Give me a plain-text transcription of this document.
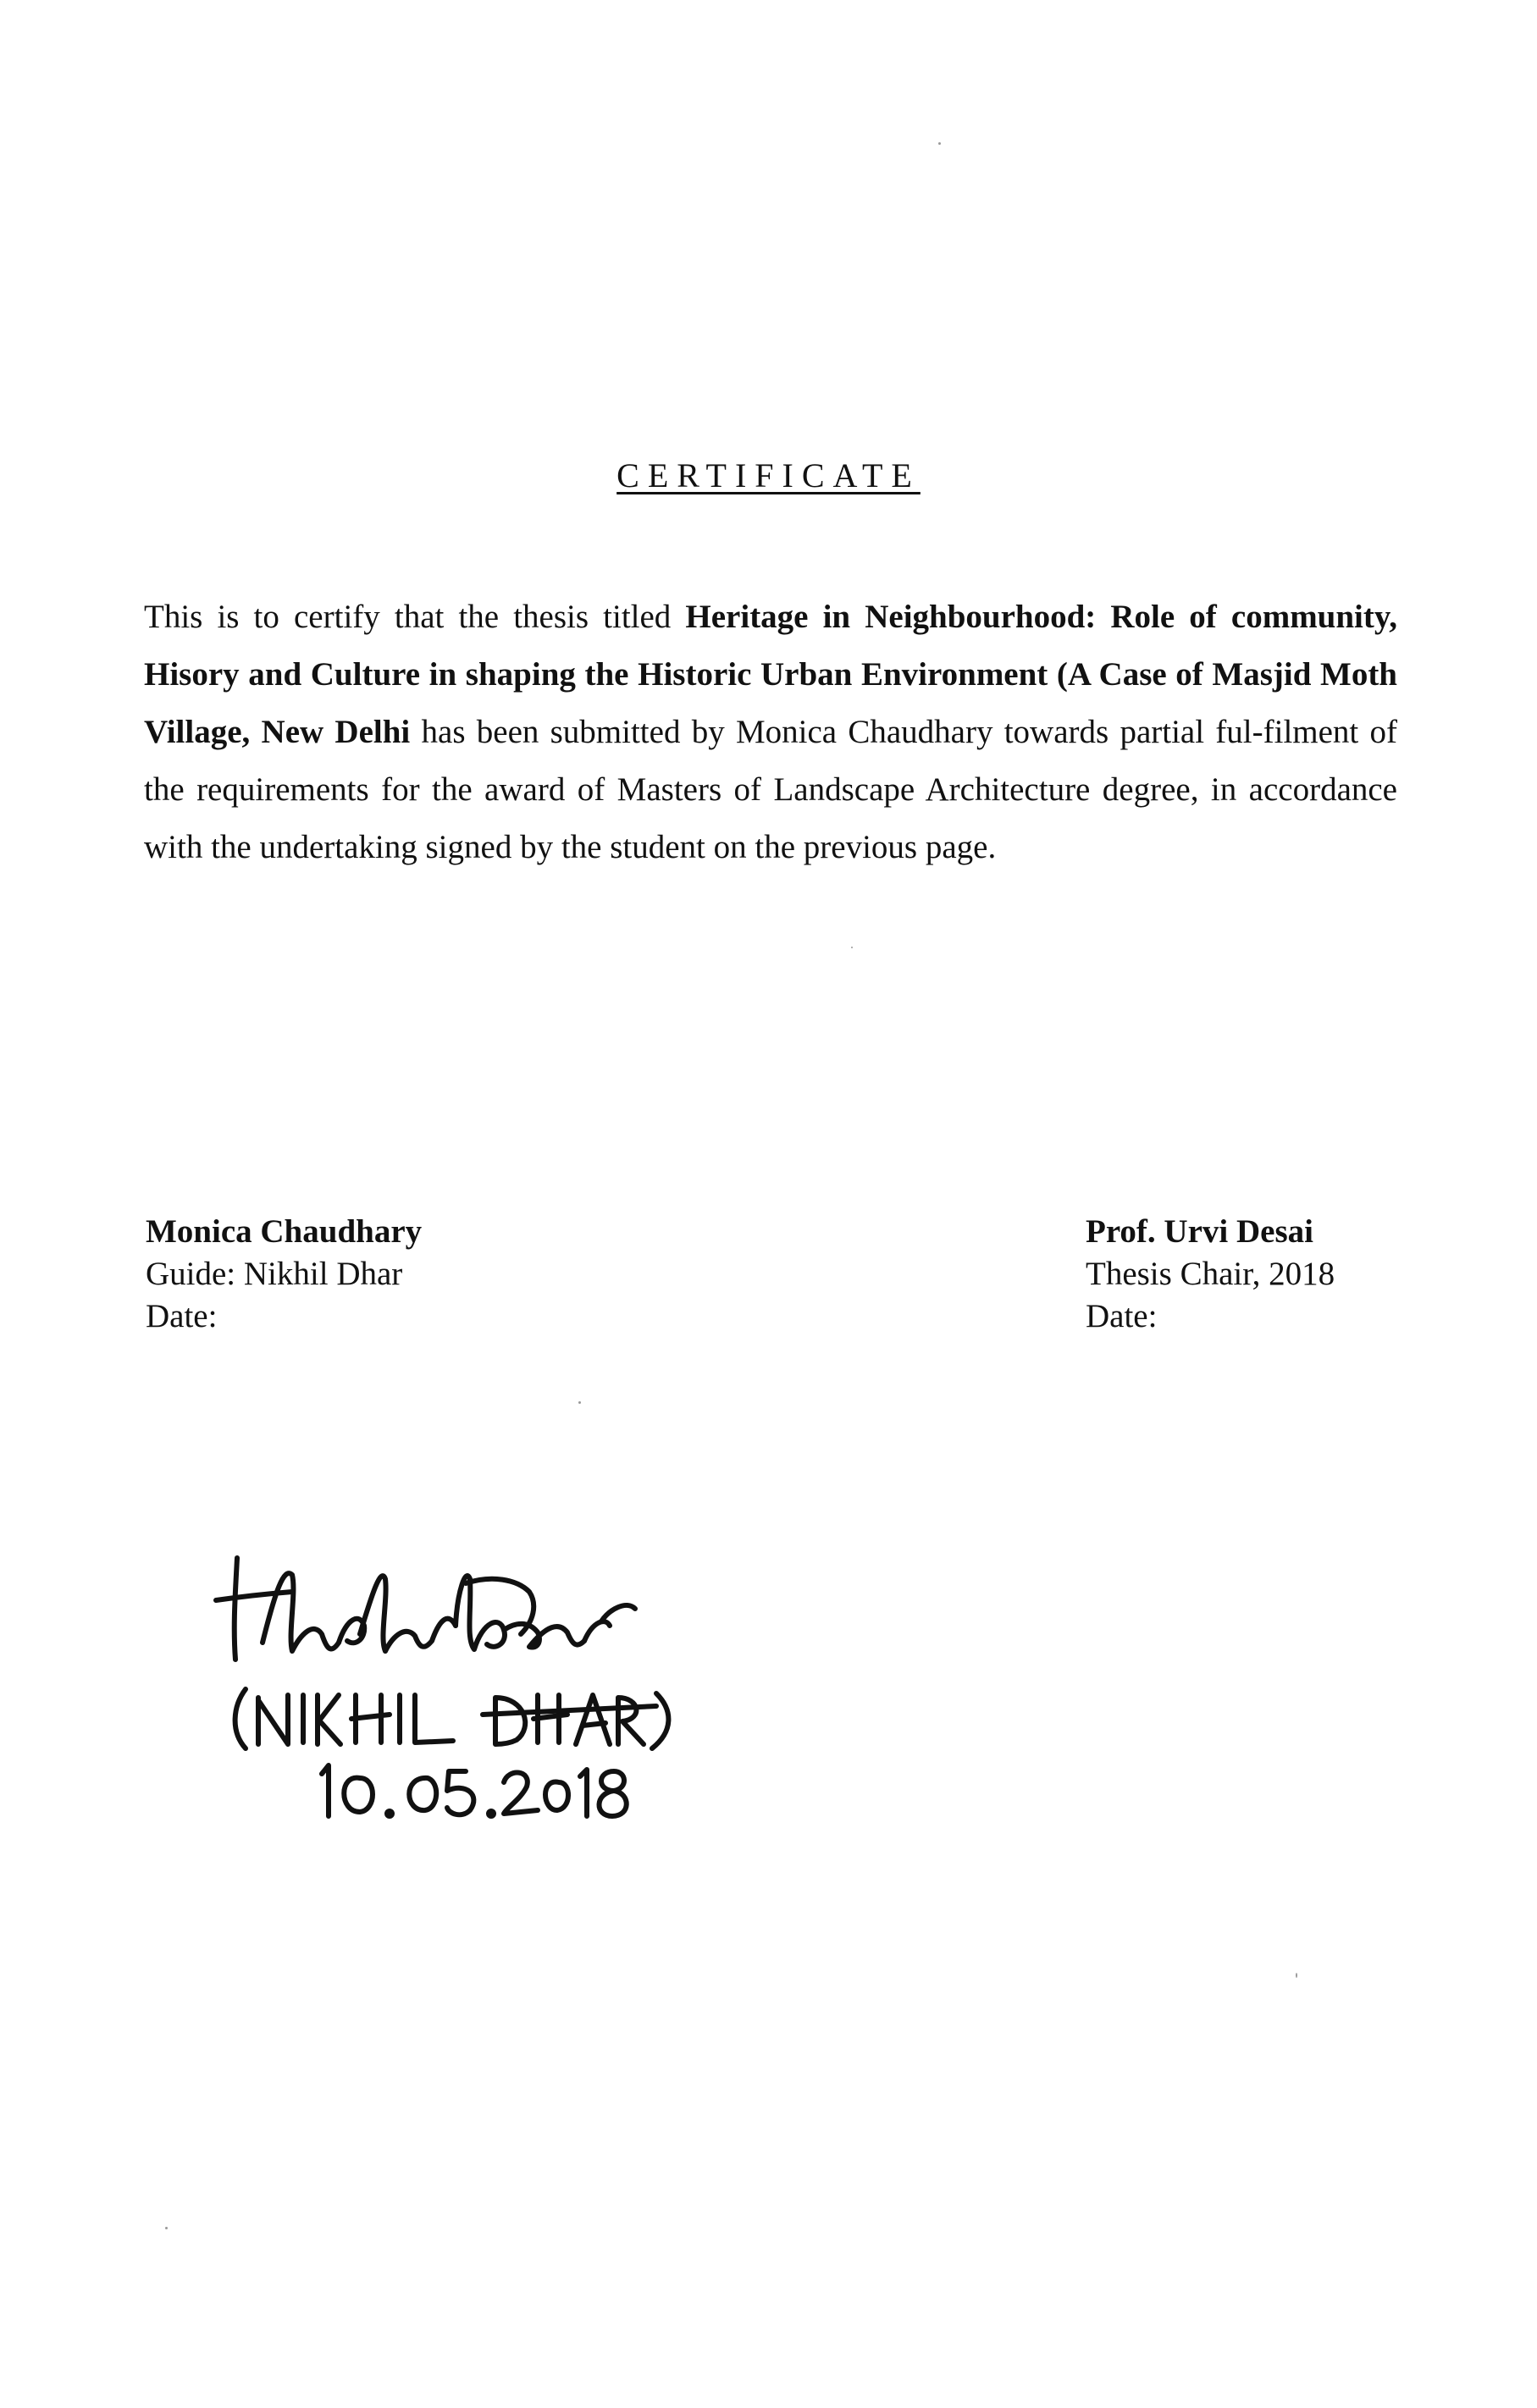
CERTIFICATE
This is to certify that the thesis titled Heritage in Neighbourhood: Role of community, Hisory and Culture in shaping the Historic Urban Environment (A Case of Masjid Moth Village, New Delhi has been submitted by Monica Chaudhary towards partial ful-filment of the requirements for the award of Masters of Landscape Architecture degree, in accordance with the undertaking signed by the student on the previous page.
Monica Chaudhary
Guide: Nikhil Dhar
Date:
Prof. Urvi Desai
Thesis Chair, 2018
Date:
